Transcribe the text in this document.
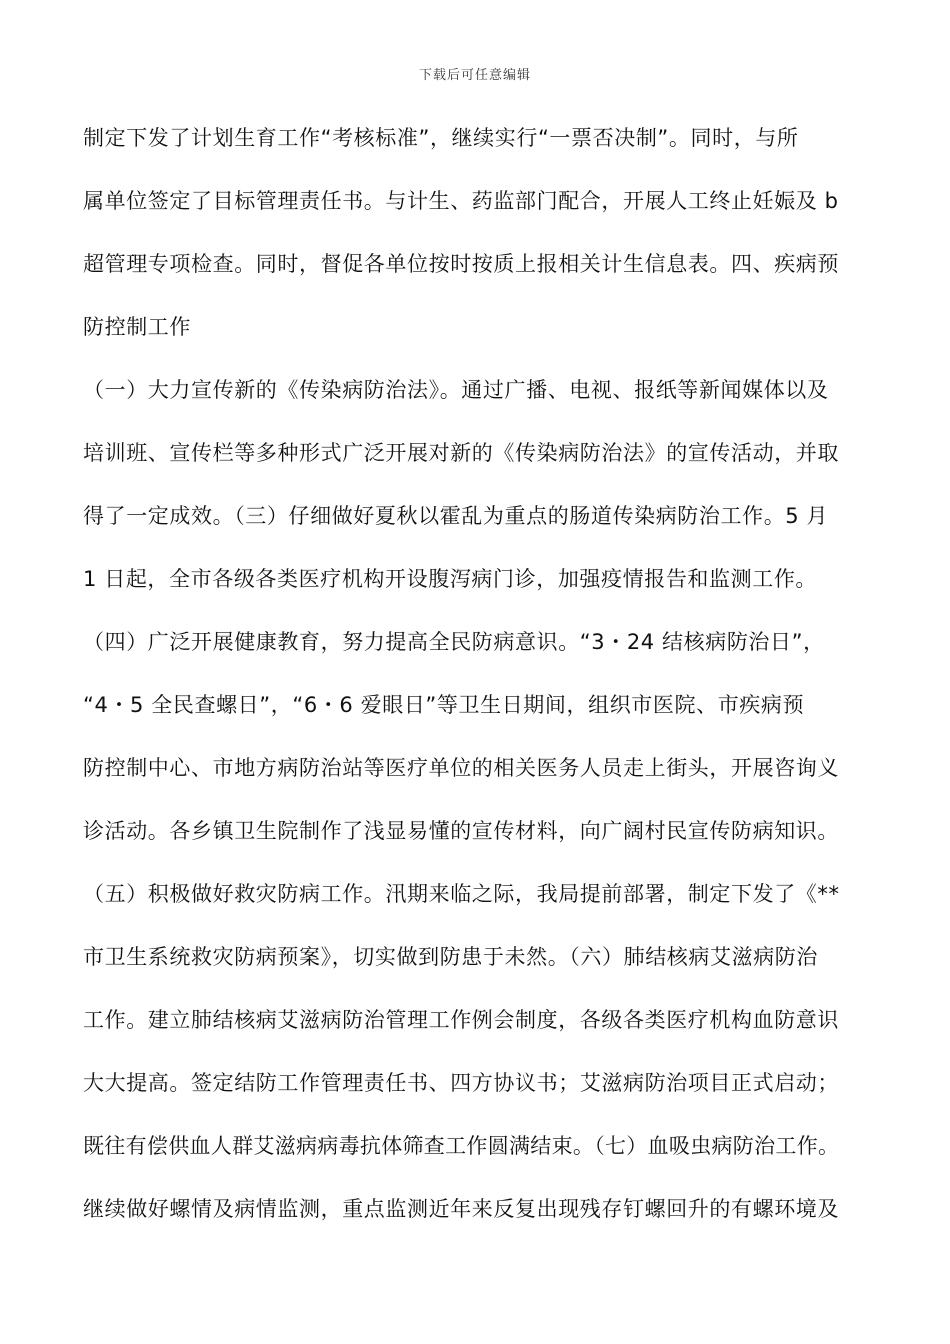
下载后可任意编辑
制定下发了计划生育工作“考核标准”，继续实行“一票否决制”。同时，与所
属单位签定了目标管理责任书。与计生、药监部门配合，开展人工终止妊娠及 b
超管理专项检查。同时，督促各单位按时按质上报相关计生信息表。四、疾病预
防控制工作
（一）大力宣传新的《传染病防治法》。通过广播、电视、报纸等新闻媒体以及
培训班、宣传栏等多种形式广泛开展对新的《传染病防治法》的宣传活动，并取
得了一定成效。（三）仔细做好夏秋以霍乱为重点的肠道传染病防治工作。5 月
1 日起，全市各级各类医疗机构开设腹泻病门诊，加强疫情报告和监测工作。
（四）广泛开展健康教育，努力提高全民防病意识。“3・24 结核病防治日”，
“4・5 全民查螺日”，“6・6 爱眼日”等卫生日期间，组织市医院、市疾病预
防控制中心、市地方病防治站等医疗单位的相关医务人员走上街头，开展咨询义
诊活动。各乡镇卫生院制作了浅显易懂的宣传材料，向广阔村民宣传防病知识。
（五）积极做好救灾防病工作。汛期来临之际，我局提前部署，制定下发了《**
市卫生系统救灾防病预案》，切实做到防患于未然。（六）肺结核病艾滋病防治
工作。建立肺结核病艾滋病防治管理工作例会制度，各级各类医疗机构血防意识
大大提高。签定结防工作管理责任书、四方协议书；艾滋病防治项目正式启动；
既往有偿供血人群艾滋病病毒抗体筛查工作圆满结束。（七）血吸虫病防治工作。
继续做好螺情及病情监测，重点监测近年来反复出现残存钉螺回升的有螺环境及
